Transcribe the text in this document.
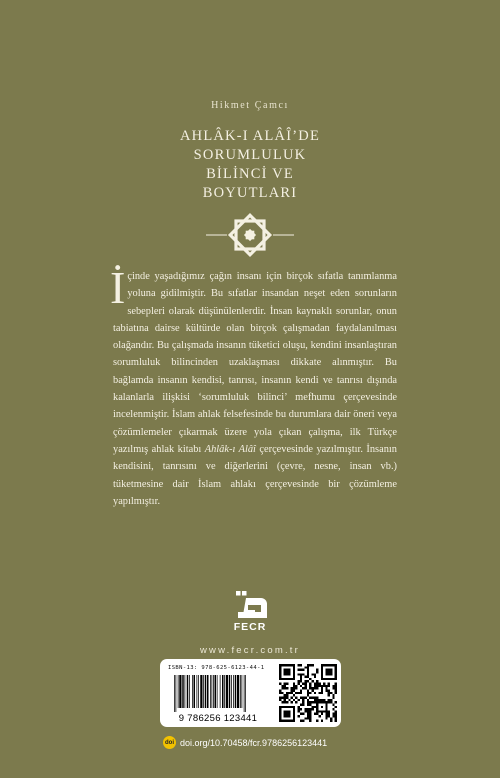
Hikmet Çamcı
AHLÂK-I ALÂÎ’DE
SORUMLULUK
BİLİNCİ VE
BOYUTLARI

İçinde yaşadığımız çağın insanı için birçok sıfatla tanımlanma yoluna gidilmiştir. Bu sıfatlar insandan neşet eden sorunların sebepleri olarak düşünülenlerdir. İnsan kaynaklı sorunlar, onun tabiatına dairse kültürde olan birçok çalışmadan faydalanılması olağandır. Bu çalışmada insanın tüketici oluşu, kendini insanlaştıran sorumluluk bilincinden uzaklaşması dikkate alınmıştır. Bu bağlamda insanın kendisi, tanrısı, insanın kendi ve tanrısı dışında kalanlarla ilişkisi ‘sorumluluk bilinci’ mefhumu çerçevesinde incelenmiştir. İslam ahlak felsefesinde bu durumlara dair öneri veya çözümlemeler çıkarmak üzere yola çıkan çalışma, ilk Türkçe yazılmış ahlak kitabı Ahlâk-ı Alâî çerçevesinde yazılmıştır. İnsanın kendisini, tanrısını ve diğerlerini (çevre, nesne, insan vb.) tüketmesine dair İslam ahlakı çerçevesinde bir çözümleme yapılmıştır.

FECR
www.fecr.com.tr
ISBN-13: 978-625-6123-44-1
9 786256 123441
doi doi.org/10.70458/fcr.9786256123441
